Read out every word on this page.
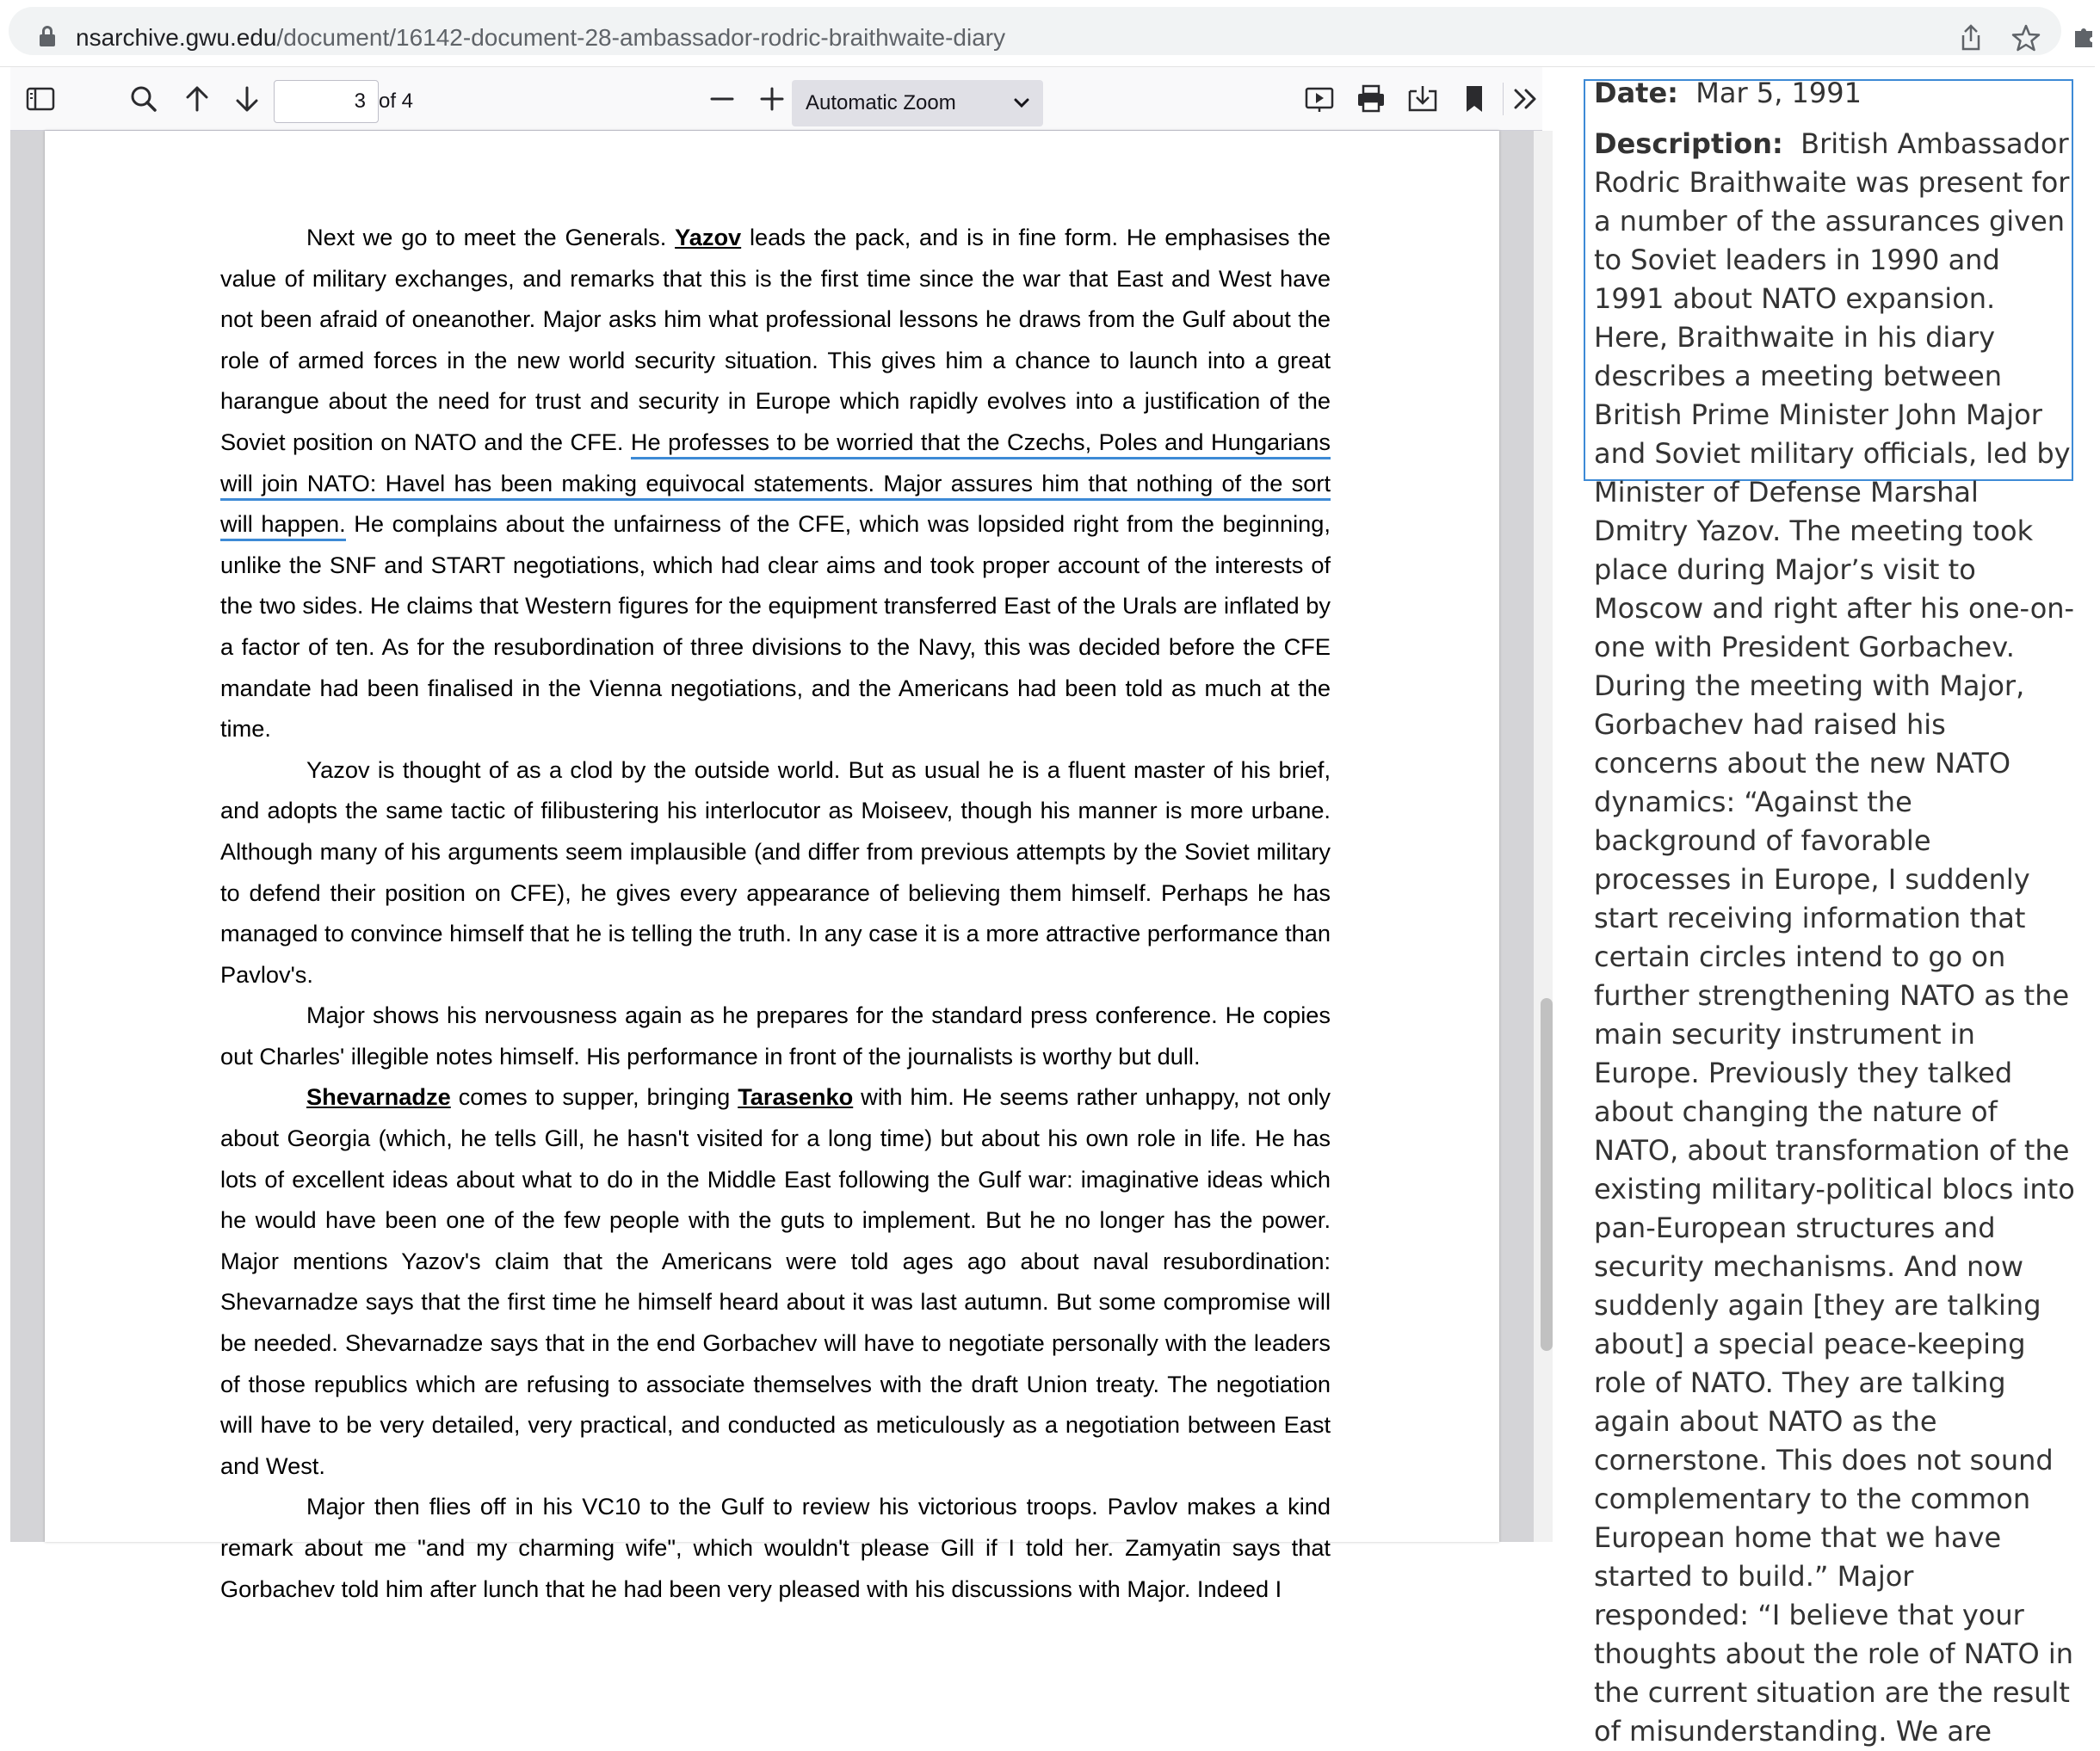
nsarchive.gwu.edu/document/16142-document-28-ambassador-rodric-braithwaite-diary
3 of 4	Automatic Zoom

Next we go to meet the Generals. Yazov leads the pack, and is in fine form. He emphasises the value of military exchanges, and remarks that this is the first time since the war that East and West have not been afraid of oneanother. Major asks him what professional lessons he draws from the Gulf about the role of armed forces in the new world security situation. This gives him a chance to launch into a great harangue about the need for trust and security in Europe which rapidly evolves into a justification of the Soviet position on NATO and the CFE. He professes to be worried that the Czechs, Poles and Hungarians will join NATO: Havel has been making equivocal statements. Major assures him that nothing of the sort will happen. He complains about the unfairness of the CFE, which was lopsided right from the beginning, unlike the SNF and START negotiations, which had clear aims and took proper account of the interests of the two sides. He claims that Western figures for the equipment transferred East of the Urals are inflated by a factor of ten. As for the resubordination of three divisions to the Navy, this was decided before the CFE mandate had been finalised in the Vienna negotiations, and the Americans had been told as much at the time.

Yazov is thought of as a clod by the outside world. But as usual he is a fluent master of his brief, and adopts the same tactic of filibustering his interlocutor as Moiseev, though his manner is more urbane. Although many of his arguments seem implausible (and differ from previous attempts by the Soviet military to defend their position on CFE), he gives every appearance of believing them himself. Perhaps he has managed to convince himself that he is telling the truth. In any case it is a more attractive performance than Pavlov's.

Major shows his nervousness again as he prepares for the standard press conference. He copies out Charles' illegible notes himself. His performance in front of the journalists is worthy but dull.

Shevarnadze comes to supper, bringing Tarasenko with him. He seems rather unhappy, not only about Georgia (which, he tells Gill, he hasn't visited for a long time) but about his own role in life. He has lots of excellent ideas about what to do in the Middle East following the Gulf war: imaginative ideas which he would have been one of the few people with the guts to implement. But he no longer has the power. Major mentions Yazov's claim that the Americans were told ages ago about naval resubordination: Shevarnadze says that the first time he himself heard about it was last autumn. But some compromise will be needed. Shevarnadze says that in the end Gorbachev will have to negotiate personally with the leaders of those republics which are refusing to associate themselves with the draft Union treaty. The negotiation will have to be very detailed, very practical, and conducted as meticulously as a negotiation between East and West.

Major then flies off in his VC10 to the Gulf to review his victorious troops. Pavlov makes a kind remark about me "and my charming wife", which wouldn't please Gill if I told her. Zamyatin says that Gorbachev told him after lunch that he had been very pleased with his discussions with Major. Indeed I

Date: Mar 5, 1991

Description: British Ambassador Rodric Braithwaite was present for a number of the assurances given to Soviet leaders in 1990 and 1991 about NATO expansion. Here, Braithwaite in his diary describes a meeting between British Prime Minister John Major and Soviet military officials, led by Minister of Defense Marshal Dmitry Yazov. The meeting took place during Major’s visit to Moscow and right after his one-on-one with President Gorbachev. During the meeting with Major, Gorbachev had raised his concerns about the new NATO dynamics: “Against the background of favorable processes in Europe, I suddenly start receiving information that certain circles intend to go on further strengthening NATO as the main security instrument in Europe. Previously they talked about changing the nature of NATO, about transformation of the existing military-political blocs into pan-European structures and security mechanisms. And now suddenly again [they are talking about] a special peace-keeping role of NATO. They are talking again about NATO as the cornerstone. This does not sound complementary to the common European home that we have started to build.” Major responded: “I believe that your thoughts about the role of NATO in the current situation are the result of misunderstanding. We are
